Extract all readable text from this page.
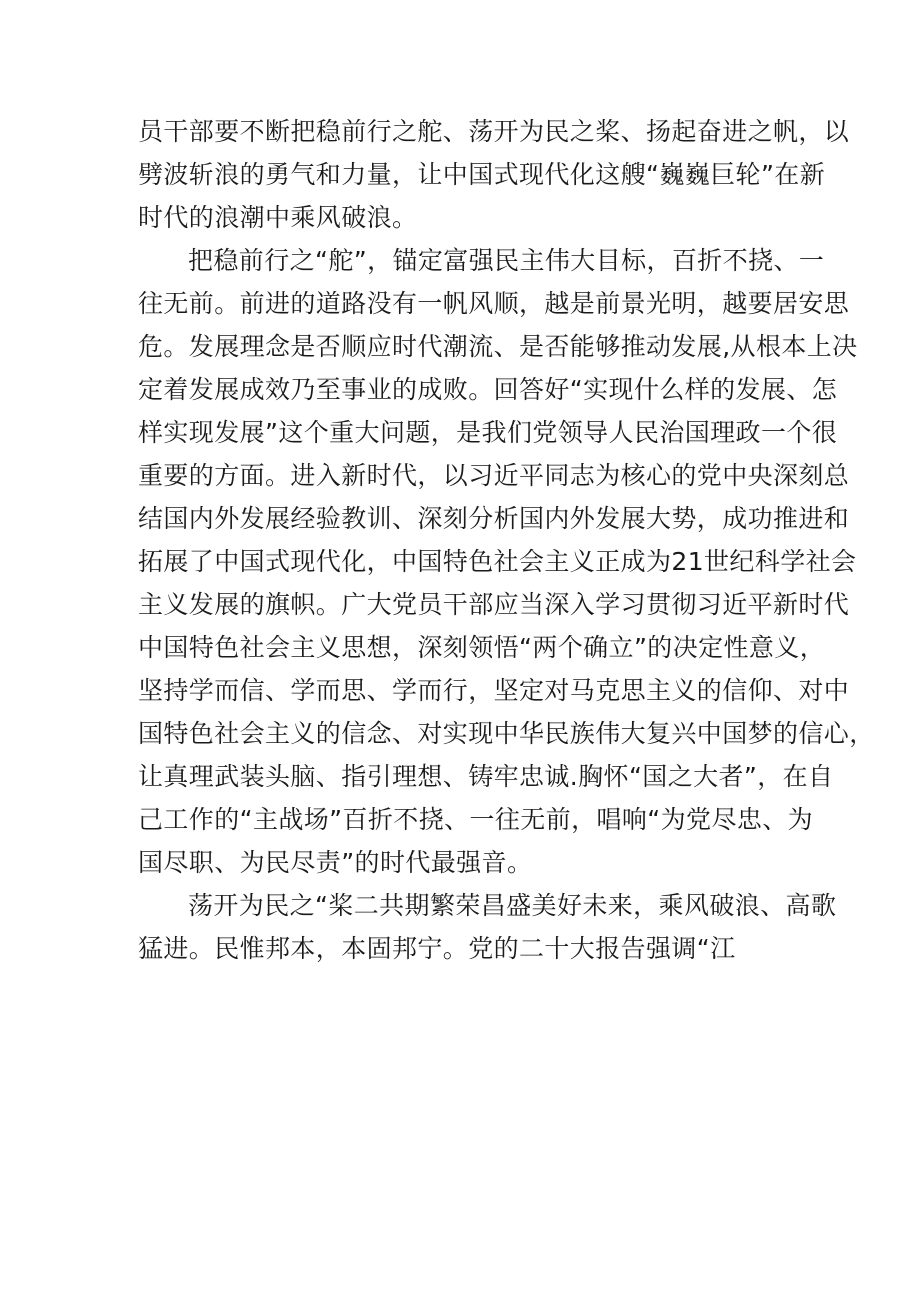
员干部要不断把稳前行之舵、荡开为民之桨、扬起奋进之帆，以
劈波斩浪的勇气和力量，让中国式现代化这艘“巍巍巨轮”在新
时代的浪潮中乘风破浪。
把稳前行之“舵”，锚定富强民主伟大目标，百折不挠、一
往无前。前进的道路没有一帆风顺，越是前景光明，越要居安思
危。发展理念是否顺应时代潮流、是否能够推动发展,从根本上决
定着发展成效乃至事业的成败。回答好“实现什么样的发展、怎
样实现发展”这个重大问题，是我们党领导人民治国理政一个很
重要的方面。进入新时代，以习近平同志为核心的党中央深刻总
结国内外发展经验教训、深刻分析国内外发展大势，成功推进和
拓展了中国式现代化，中国特色社会主义正成为21世纪科学社会
主义发展的旗帜。广大党员干部应当深入学习贯彻习近平新时代
中国特色社会主义思想，深刻领悟“两个确立”的决定性意义，
坚持学而信、学而思、学而行，坚定对马克思主义的信仰、对中
国特色社会主义的信念、对实现中华民族伟大复兴中国梦的信心，
让真理武装头脑、指引理想、铸牢忠诚.胸怀“国之大者”，在自
己工作的“主战场”百折不挠、一往无前，唱响“为党尽忠、为
国尽职、为民尽责”的时代最强音。
荡开为民之“桨二共期繁荣昌盛美好未来，乘风破浪、高歌
猛进。民惟邦本，本固邦宁。党的二十大报告强调“江
